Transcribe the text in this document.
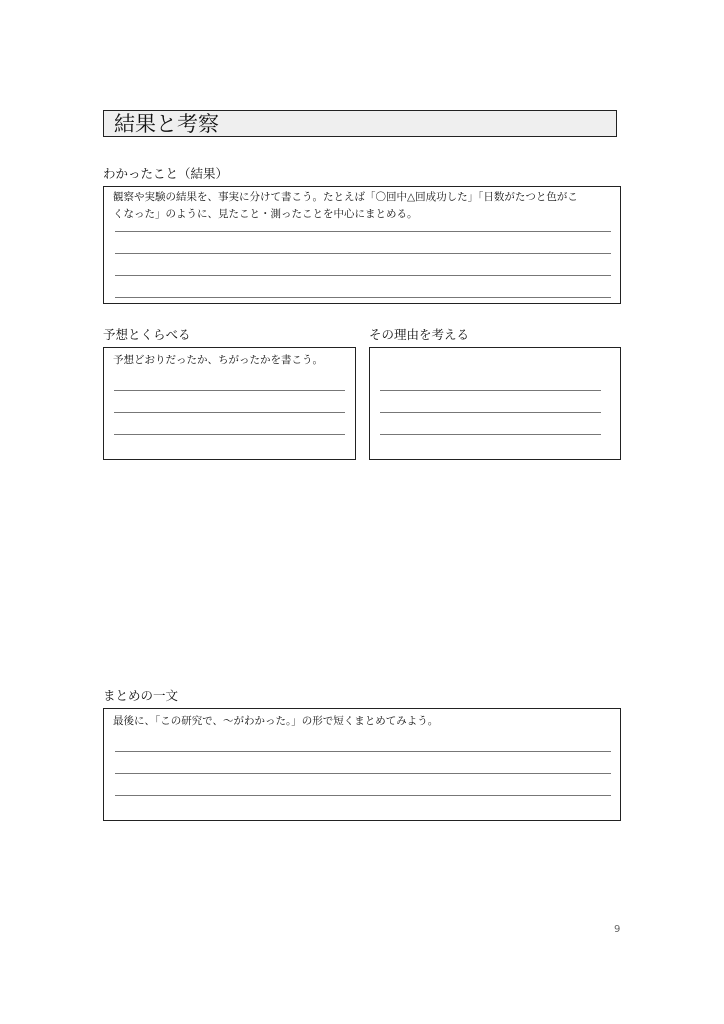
結果と考察
わかったこと（結果）
観察や実験の結果を、事実に分けて書こう。たとえば「〇回中△回成功した」「日数がたつと色がこ
くなった」のように、見たこと・測ったことを中心にまとめる。
予想とくらべる
予想どおりだったか、ちがったかを書こう。
その理由を考える
まとめの一文
最後に、「この研究で、〜がわかった。」の形で短くまとめてみよう。
9
